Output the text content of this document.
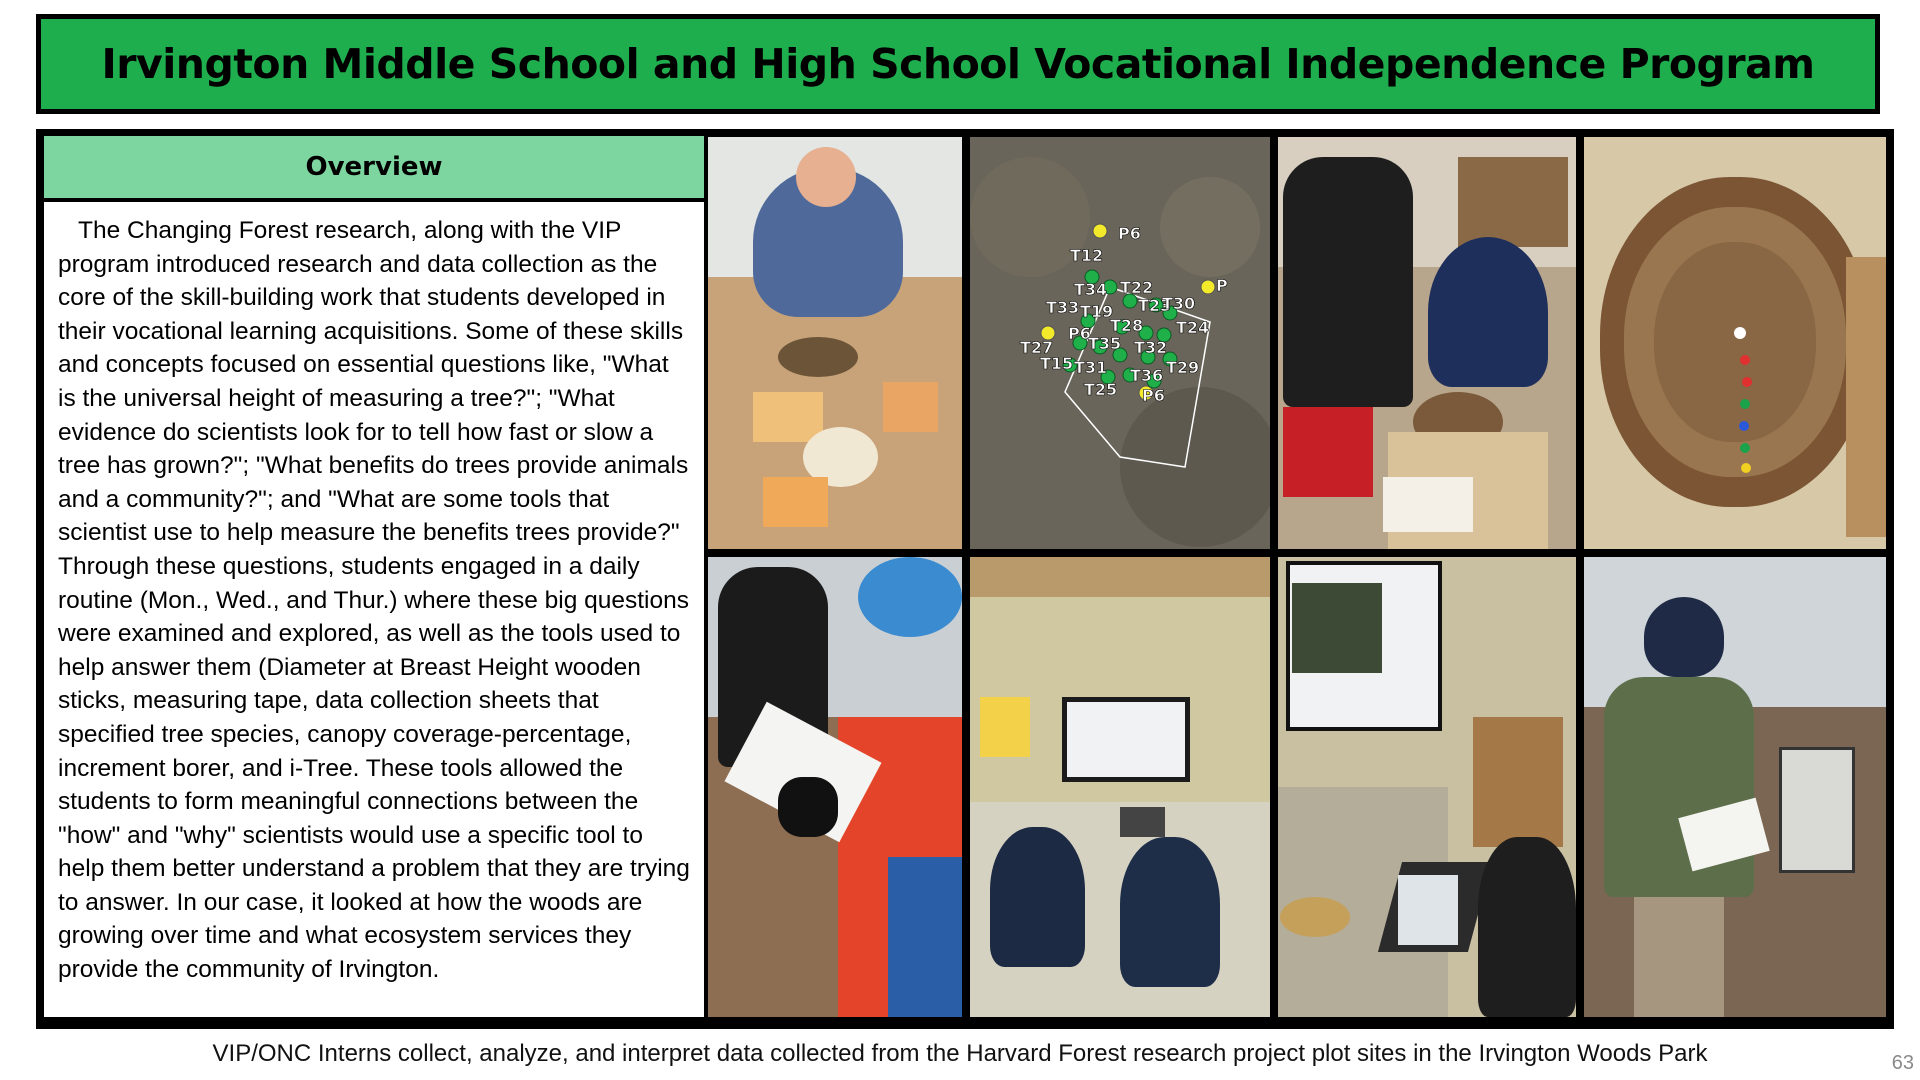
Irvington Middle School and High School Vocational Independence Program
Overview
The Changing Forest research, along with the VIP program introduced research and data collection as the core of the skill-building work that students developed in their vocational learning acquisitions. Some of these skills and concepts focused on essential questions like, "What is the universal height of measuring a tree?"; "What evidence do scientists look for to tell how fast or slow a tree has grown?"; "What benefits do trees provide animals and a community?"; and "What are some tools that scientist use to help measure the benefits trees provide?" Through these questions, students engaged in a daily routine (Mon., Wed., and Thur.) where these big questions were examined and explored, as well as the tools used to help answer them (Diameter at Breast Height wooden sticks, measuring tape, data collection sheets that specified tree species, canopy coverage-percentage, increment borer, and i-Tree. These tools allowed the students to form meaningful connections between the "how" and "why" scientists would use a specific tool to help them better understand a problem that they are trying to answer. In our case, it looked at how the woods are growing over time and what ecosystem services they provide the community of Irvington.
P6
T12
T34 T22
T23
T30
P
T33 T19
T28 T24
P6
T35 T32
T27
T15 T31 T36 T29
T25 P6
VIP/ONC Interns collect, analyze, and interpret data collected from the Harvard Forest research project plot sites in the Irvington Woods Park	63
